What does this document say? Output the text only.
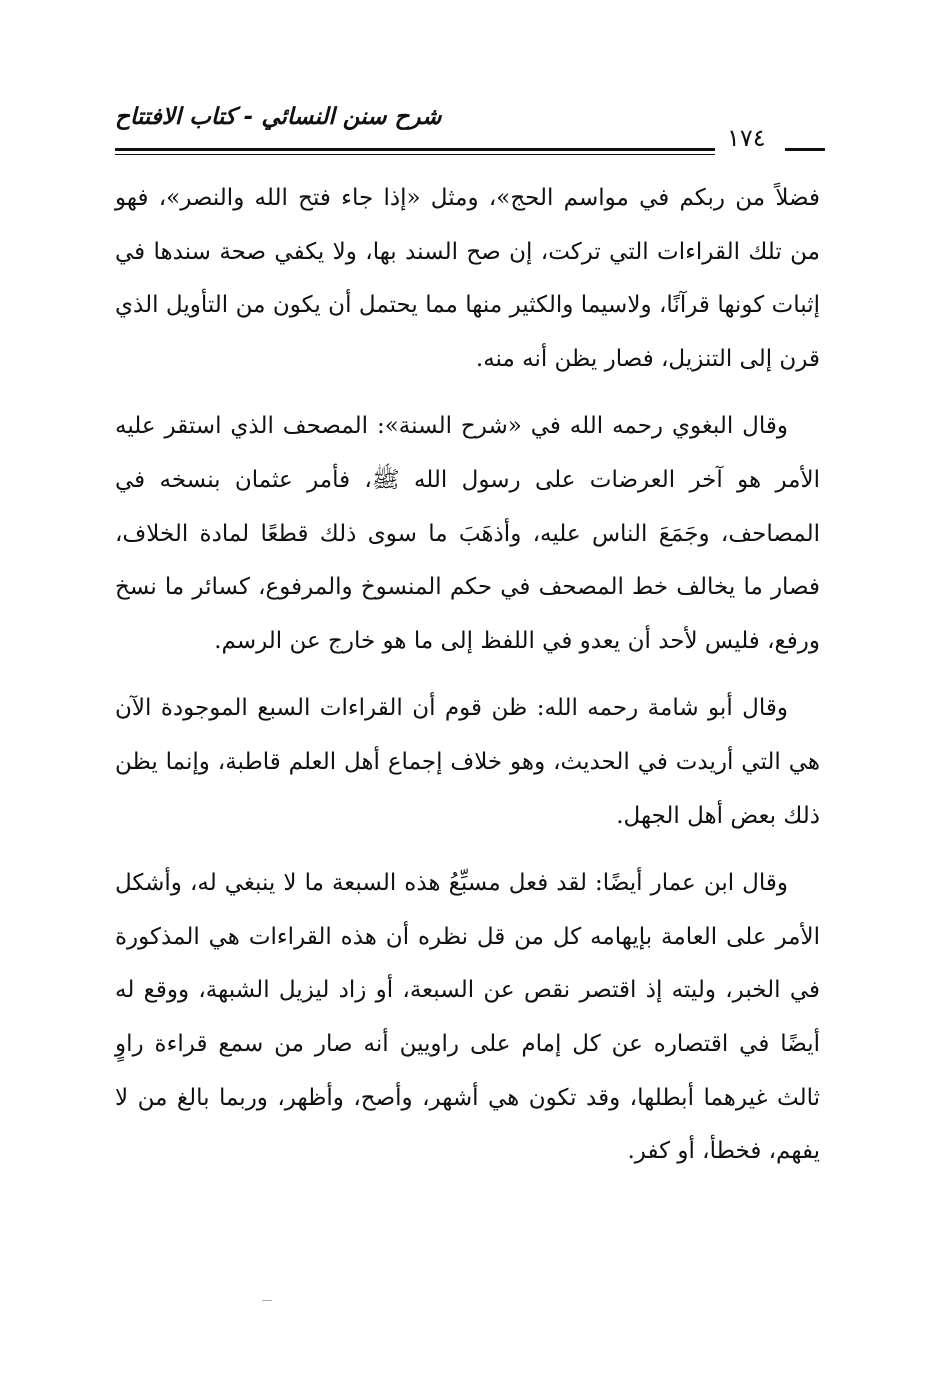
شرح سنن النسائي - كتاب الافتتاح
١٧٤

فضلاً من ربكم في مواسم الحج»، ومثل «إذا جاء فتح الله والنصر»، فهو من تلك القراءات التي تركت، إن صح السند بها، ولا يكفي صحة سندها في إثبات كونها قرآنًا، ولاسيما والكثير منها مما يحتمل أن يكون من التأويل الذي قرن إلى التنزيل، فصار يظن أنه منه.

وقال البغوي رحمه الله في «شرح السنة»: المصحف الذي استقر عليه الأمر هو آخر العرضات على رسول الله ﷺ، فأمر عثمان بنسخه في المصاحف، وجَمَعَ الناس عليه، وأذهَبَ ما سوى ذلك قطعًا لمادة الخلاف، فصار ما يخالف خط المصحف في حكم المنسوخ والمرفوع، كسائر ما نسخ ورفع، فليس لأحد أن يعدو في اللفظ إلى ما هو خارج عن الرسم.

وقال أبو شامة رحمه الله: ظن قوم أن القراءات السبع الموجودة الآن هي التي أريدت في الحديث، وهو خلاف إجماع أهل العلم قاطبة، وإنما يظن ذلك بعض أهل الجهل.

وقال ابن عمار أيضًا: لقد فعل مسبِّعُ هذه السبعة ما لا ينبغي له، وأشكل الأمر على العامة بإيهامه كل من قل نظره أن هذه القراءات هي المذكورة في الخبر، وليته إذ اقتصر نقص عن السبعة، أو زاد ليزيل الشبهة، ووقع له أيضًا في اقتصاره عن كل إمام على راويين أنه صار من سمع قراءة راوٍ ثالث غيرهما أبطلها، وقد تكون هي أشهر، وأصح، وأظهر، وربما بالغ من لا يفهم، فخطأ، أو كفر.
